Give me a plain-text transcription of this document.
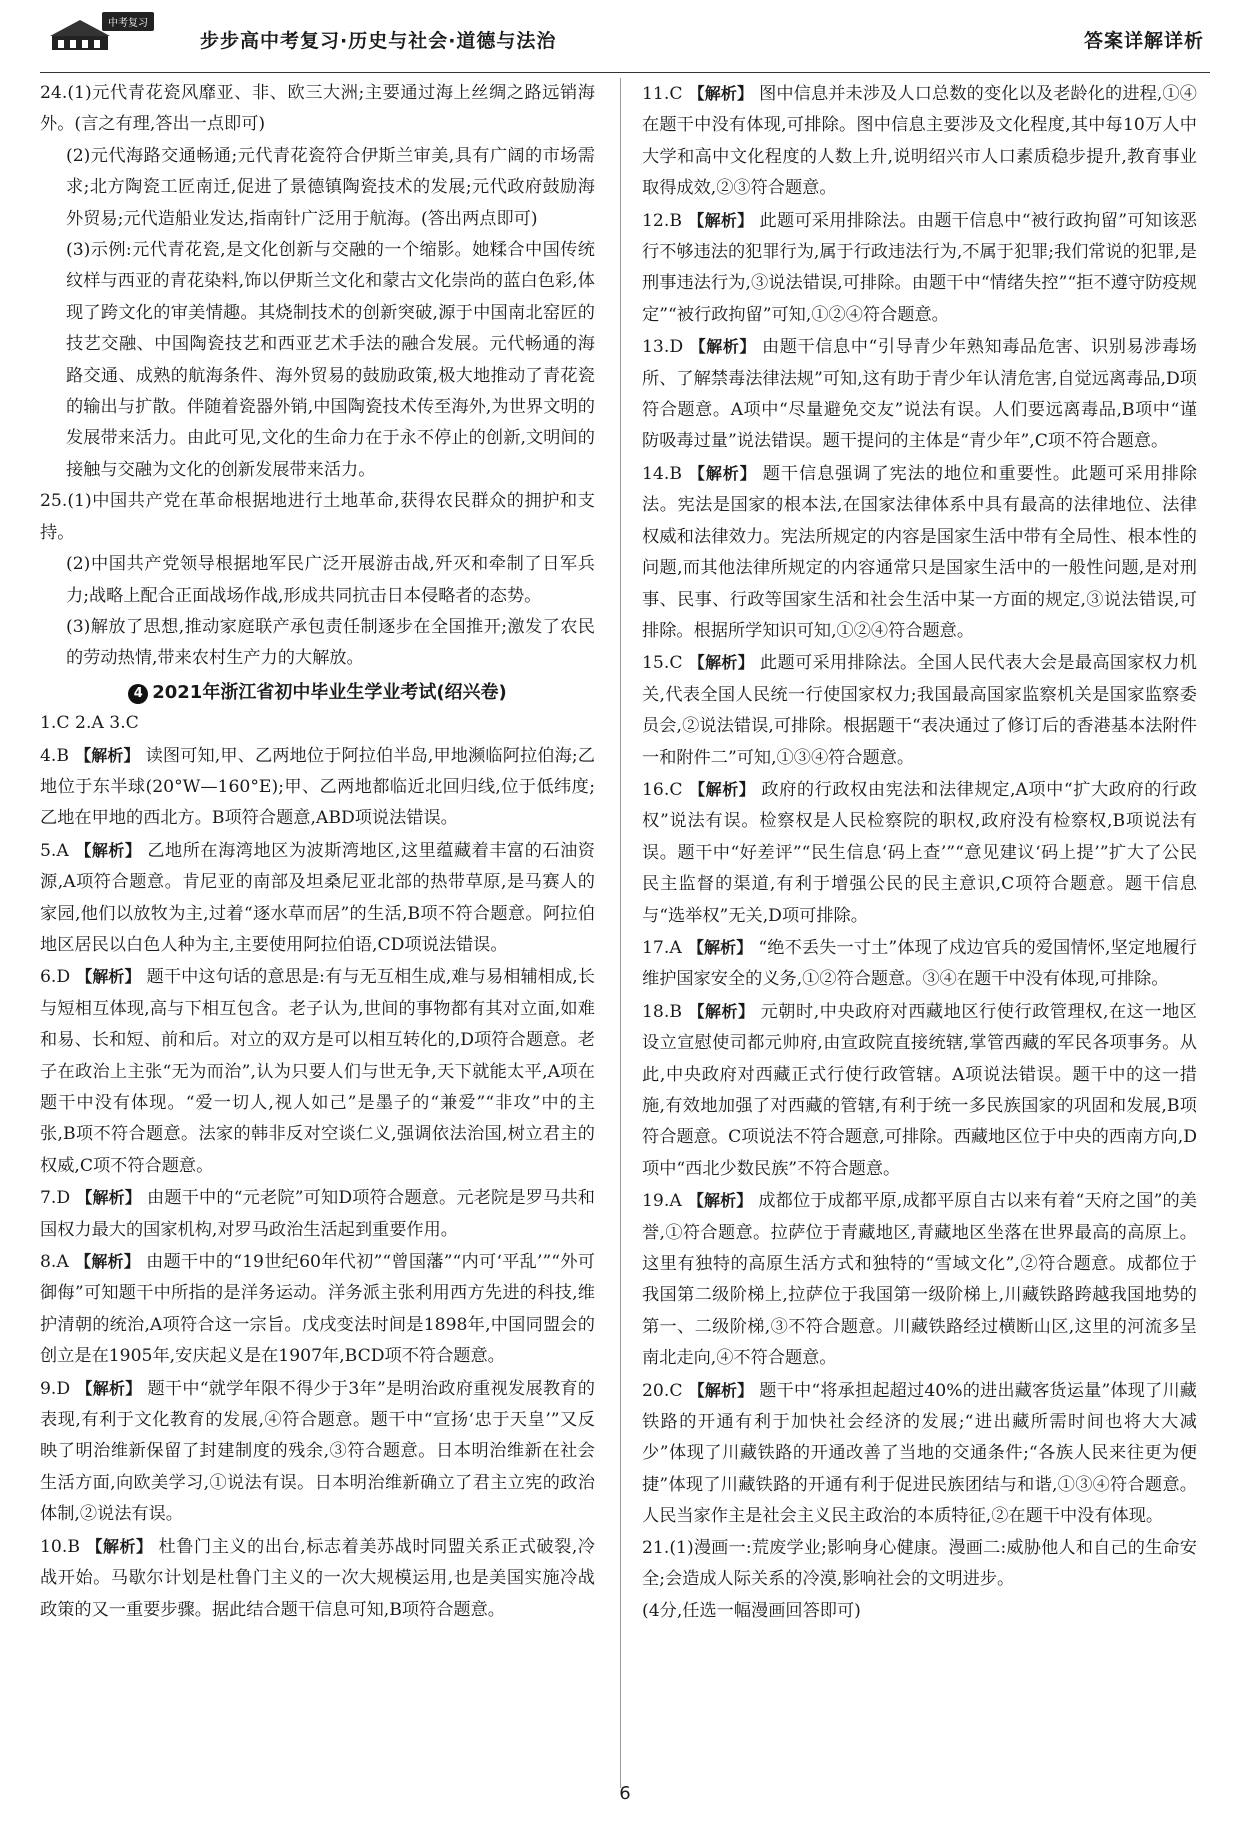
中考复习
步步高中考复习·历史与社会·道德与法治	答案详解详析

24.(1)元代青花瓷风靡亚、非、欧三大洲;主要通过海上丝绸之路远销海外。(言之有理,答出一点即可)

(2)元代海路交通畅通;元代青花瓷符合伊斯兰审美,具有广阔的市场需求;北方陶瓷工匠南迁,促进了景德镇陶瓷技术的发展;元代政府鼓励海外贸易;元代造船业发达,指南针广泛用于航海。(答出两点即可)

(3)示例:元代青花瓷,是文化创新与交融的一个缩影。她糅合中国传统纹样与西亚的青花染料,饰以伊斯兰文化和蒙古文化崇尚的蓝白色彩,体现了跨文化的审美情趣。其烧制技术的创新突破,源于中国南北窑匠的技艺交融、中国陶瓷技艺和西亚艺术手法的融合发展。元代畅通的海路交通、成熟的航海条件、海外贸易的鼓励政策,极大地推动了青花瓷的输出与扩散。伴随着瓷器外销,中国陶瓷技术传至海外,为世界文明的发展带来活力。由此可见,文化的生命力在于永不停止的创新,文明间的接触与交融为文化的创新发展带来活力。

25.(1)中国共产党在革命根据地进行土地革命,获得农民群众的拥护和支持。

(2)中国共产党领导根据地军民广泛开展游击战,歼灭和牵制了日军兵力;战略上配合正面战场作战,形成共同抗击日本侵略者的态势。

(3)解放了思想,推动家庭联产承包责任制逐步在全国推开;激发了农民的劳动热情,带来农村生产力的大解放。

4 2021年浙江省初中毕业生学业考试(绍兴卷)

1.C 2.A 3.C

4.B 【解析】 读图可知,甲、乙两地位于阿拉伯半岛,甲地濒临阿拉伯海;乙地位于东半球(20°W—160°E);甲、乙两地都临近北回归线,位于低纬度;乙地在甲地的西北方。B项符合题意,ABD项说法错误。

5.A 【解析】 乙地所在海湾地区为波斯湾地区,这里蕴藏着丰富的石油资源,A项符合题意。肯尼亚的南部及坦桑尼亚北部的热带草原,是马赛人的家园,他们以放牧为主,过着“逐水草而居”的生活,B项不符合题意。阿拉伯地区居民以白色人种为主,主要使用阿拉伯语,CD项说法错误。

6.D 【解析】 题干中这句话的意思是:有与无互相生成,难与易相辅相成,长与短相互体现,高与下相互包含。老子认为,世间的事物都有其对立面,如难和易、长和短、前和后。对立的双方是可以相互转化的,D项符合题意。老子在政治上主张“无为而治”,认为只要人们与世无争,天下就能太平,A项在题干中没有体现。“爱一切人,视人如己”是墨子的“兼爱”“非攻”中的主张,B项不符合题意。法家的韩非反对空谈仁义,强调依法治国,树立君主的权威,C项不符合题意。

7.D 【解析】 由题干中的“元老院”可知D项符合题意。元老院是罗马共和国权力最大的国家机构,对罗马政治生活起到重要作用。

8.A 【解析】 由题干中的“19世纪60年代初”“曾国藩”“内可‘平乱’”“外可御侮”可知题干中所指的是洋务运动。洋务派主张利用西方先进的科技,维护清朝的统治,A项符合这一宗旨。戊戌变法时间是1898年,中国同盟会的创立是在1905年,安庆起义是在1907年,BCD项不符合题意。

9.D 【解析】 题干中“就学年限不得少于3年”是明治政府重视发展教育的表现,有利于文化教育的发展,④符合题意。题干中“宣扬‘忠于天皇’”又反映了明治维新保留了封建制度的残余,③符合题意。日本明治维新在社会生活方面,向欧美学习,①说法有误。日本明治维新确立了君主立宪的政治体制,②说法有误。

10.B 【解析】 杜鲁门主义的出台,标志着美苏战时同盟关系正式破裂,冷战开始。马歇尔计划是杜鲁门主义的一次大规模运用,也是美国实施冷战政策的又一重要步骤。据此结合题干信息可知,B项符合题意。

11.C 【解析】 图中信息并未涉及人口总数的变化以及老龄化的进程,①④在题干中没有体现,可排除。图中信息主要涉及文化程度,其中每10万人中大学和高中文化程度的人数上升,说明绍兴市人口素质稳步提升,教育事业取得成效,②③符合题意。

12.B 【解析】 此题可采用排除法。由题干信息中“被行政拘留”可知该恶行不够违法的犯罪行为,属于行政违法行为,不属于犯罪;我们常说的犯罪,是刑事违法行为,③说法错误,可排除。由题干中“情绪失控”“拒不遵守防疫规定”“被行政拘留”可知,①②④符合题意。

13.D 【解析】 由题干信息中“引导青少年熟知毒品危害、识别易涉毒场所、了解禁毒法律法规”可知,这有助于青少年认清危害,自觉远离毒品,D项符合题意。A项中“尽量避免交友”说法有误。人们要远离毒品,B项中“谨防吸毒过量”说法错误。题干提问的主体是“青少年”,C项不符合题意。

14.B 【解析】 题干信息强调了宪法的地位和重要性。此题可采用排除法。宪法是国家的根本法,在国家法律体系中具有最高的法律地位、法律权威和法律效力。宪法所规定的内容是国家生活中带有全局性、根本性的问题,而其他法律所规定的内容通常只是国家生活中的一般性问题,是对刑事、民事、行政等国家生活和社会生活中某一方面的规定,③说法错误,可排除。根据所学知识可知,①②④符合题意。

15.C 【解析】 此题可采用排除法。全国人民代表大会是最高国家权力机关,代表全国人民统一行使国家权力;我国最高国家监察机关是国家监察委员会,②说法错误,可排除。根据题干“表决通过了修订后的香港基本法附件一和附件二”可知,①③④符合题意。

16.C 【解析】 政府的行政权由宪法和法律规定,A项中“扩大政府的行政权”说法有误。检察权是人民检察院的职权,政府没有检察权,B项说法有误。题干中“好差评”“民生信息‘码上查’”“意见建议‘码上提’”扩大了公民民主监督的渠道,有利于增强公民的民主意识,C项符合题意。题干信息与“选举权”无关,D项可排除。

17.A 【解析】 “绝不丢失一寸土”体现了戍边官兵的爱国情怀,坚定地履行维护国家安全的义务,①②符合题意。③④在题干中没有体现,可排除。

18.B 【解析】 元朝时,中央政府对西藏地区行使行政管理权,在这一地区设立宣慰使司都元帅府,由宣政院直接统辖,掌管西藏的军民各项事务。从此,中央政府对西藏正式行使行政管辖。A项说法错误。题干中的这一措施,有效地加强了对西藏的管辖,有利于统一多民族国家的巩固和发展,B项符合题意。C项说法不符合题意,可排除。西藏地区位于中央的西南方向,D项中“西北少数民族”不符合题意。

19.A 【解析】 成都位于成都平原,成都平原自古以来有着“天府之国”的美誉,①符合题意。拉萨位于青藏地区,青藏地区坐落在世界最高的高原上。这里有独特的高原生活方式和独特的“雪域文化”,②符合题意。成都位于我国第二级阶梯上,拉萨位于我国第一级阶梯上,川藏铁路跨越我国地势的第一、二级阶梯,③不符合题意。川藏铁路经过横断山区,这里的河流多呈南北走向,④不符合题意。

20.C 【解析】 题干中“将承担起超过40%的进出藏客货运量”体现了川藏铁路的开通有利于加快社会经济的发展;“进出藏所需时间也将大大减少”体现了川藏铁路的开通改善了当地的交通条件;“各族人民来往更为便捷”体现了川藏铁路的开通有利于促进民族团结与和谐,①③④符合题意。人民当家作主是社会主义民主政治的本质特征,②在题干中没有体现。

21.(1)漫画一:荒废学业;影响身心健康。漫画二:威胁他人和自己的生命安全;会造成人际关系的冷漠,影响社会的文明进步。

(4分,任选一幅漫画回答即可)

6
